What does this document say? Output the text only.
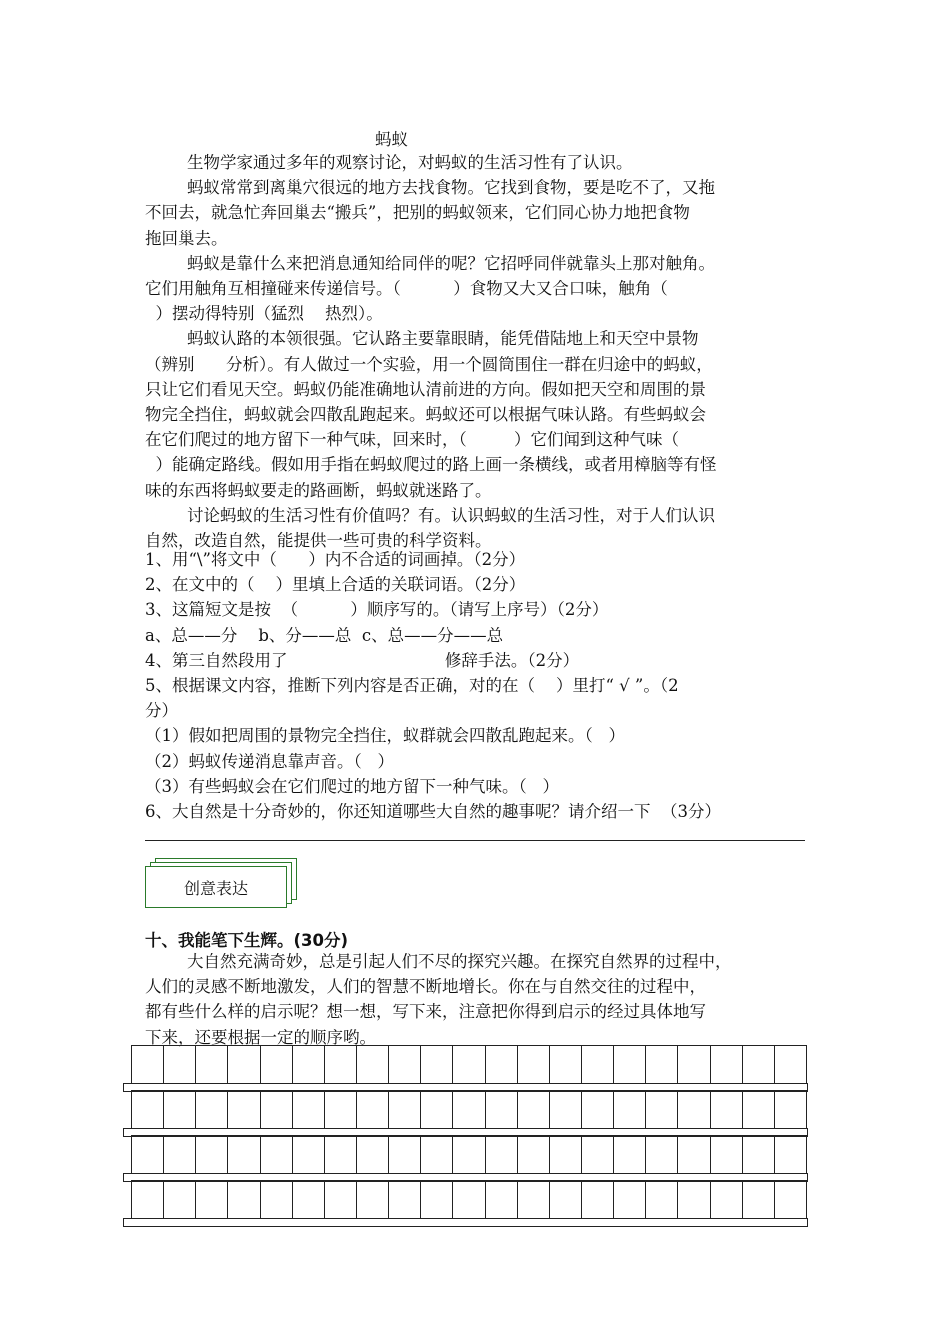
蚂蚁
生物学家通过多年的观察讨论，对蚂蚁的生活习性有了认识。
蚂蚁常常到离巢穴很远的地方去找食物。它找到食物，要是吃不了，又拖
不回去，就急忙奔回巢去“搬兵”，把别的蚂蚁领来，它们同心协力地把食物
拖回巢去。
蚂蚁是靠什么来把消息通知给同伴的呢？它招呼同伴就靠头上那对触角。
它们用触角互相撞碰来传递信号。（          ）食物又大又合口味，触角（
）摆动得特别（猛烈    热烈）。
蚂蚁认路的本领很强。它认路主要靠眼睛，能凭借陆地上和天空中景物
（辨别      分析）。有人做过一个实验，用一个圆筒围住一群在归途中的蚂蚁，
只让它们看见天空。蚂蚁仍能准确地认清前进的方向。假如把天空和周围的景
物完全挡住，蚂蚁就会四散乱跑起来。蚂蚁还可以根据气味认路。有些蚂蚁会
在它们爬过的地方留下一种气味，回来时，（         ）它们闻到这种气味（
）能确定路线。假如用手指在蚂蚁爬过的路上画一条横线，或者用樟脑等有怪
味的东西将蚂蚁要走的路画断，蚂蚁就迷路了。
讨论蚂蚁的生活习性有价值吗？有。认识蚂蚁的生活习性，对于人们认识
自然，改造自然，能提供一些可贵的科学资料。
1、用“\”将文中（      ）内不合适的词画掉。（2分）
2、在文中的（    ）里填上合适的关联词语。（2分）
3、这篇短文是按  （          ）顺序写的。（请写上序号）（2分）
a、总——分    b、分——总  c、总——分——总
4、第三自然段用了                              修辞手法。（2分）
5、根据课文内容，推断下列内容是否正确，对的在（    ）里打“ √ ”。（2
分）
（1）假如把周围的景物完全挡住，蚁群就会四散乱跑起来。（   ）
（2）蚂蚁传递消息靠声音。（   ）
（3）有些蚂蚁会在它们爬过的地方留下一种气味。（   ）
6、大自然是十分奇妙的，你还知道哪些大自然的趣事呢？请介绍一下  （3分）
创意表达
十、我能笔下生辉。(30分)
大自然充满奇妙，总是引起人们不尽的探究兴趣。在探究自然界的过程中，
人们的灵感不断地激发，人们的智慧不断地增长。你在与自然交往的过程中，
都有些什么样的启示呢？想一想，写下来，注意把你得到启示的经过具体地写
下来，还要根据一定的顺序哟。
